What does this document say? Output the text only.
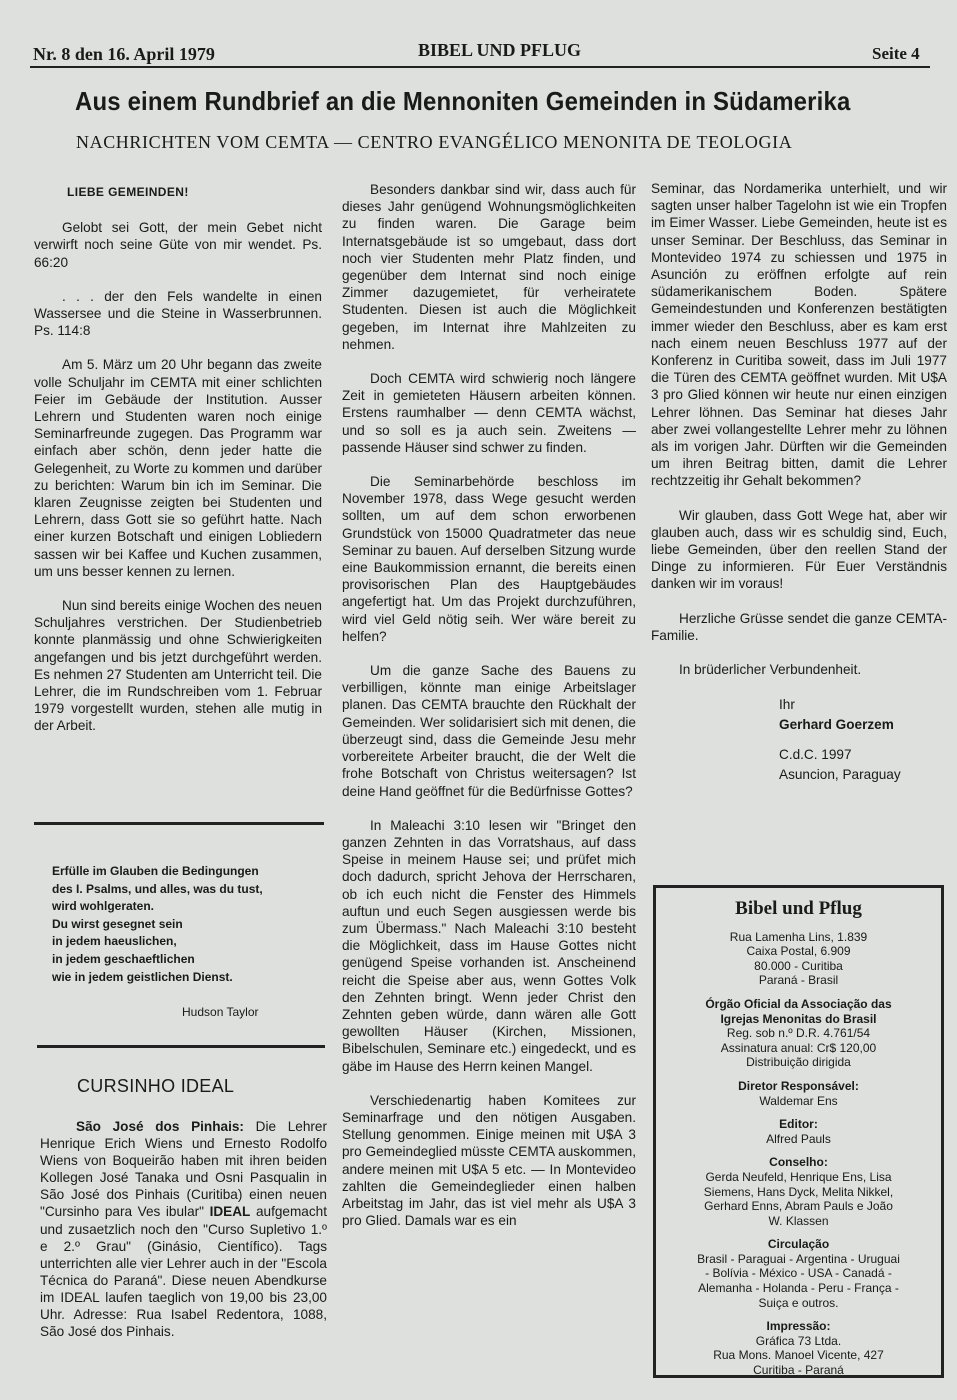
Nr. 8 den 16. April 1979	BIBEL UND PFLUG	Seite 4
Aus einem Rundbrief an die Mennoniten Gemeinden in Südamerika
NACHRICHTEN VOM CEMTA — CENTRO EVANGÉLICO MENONITA DE TEOLOGIA
LIEBE GEMEINDEN!

Gelobt sei Gott, der mein Gebet nicht verwirft noch seine Güte von mir wendet. Ps. 66:20

. . . der den Fels wandelte in einen Wassersee und die Steine in Wasserbrunnen. Ps. 114:8

Am 5. März um 20 Uhr begann das zweite volle Schuljahr im CEMTA mit einer schlichten Feier im Gebäude der Institution. Ausser Lehrern und Studenten waren noch einige Seminarfreunde zugegen. Das Programm war einfach aber schön, denn jeder hatte die Gelegenheit, zu Worte zu kommen und darüber zu berichten: Warum bin ich im Seminar. Die klaren Zeugnisse zeigten bei Studenten und Lehrern, dass Gott sie so geführt hatte. Nach einer kurzen Botschaft und einigen Lobliedern sassen wir bei Kaffee und Kuchen zusammen, um uns besser kennen zu lernen.

Nun sind bereits einige Wochen des neuen Schuljahres verstrichen. Der Studienbetrieb konnte planmässig und ohne Schwierigkeiten angefangen und bis jetzt durchgeführt werden. Es nehmen 27 Studenten am Unterricht teil. Die Lehrer, die im Rundschreiben vom 1. Februar 1979 vorgestellt wurden, stehen alle mutig in der Arbeit.

Erfülle im Glauben die Bedingungen
des I. Psalms, und alles, was du tust,
wird wohlgeraten.
Du wirst gesegnet sein
in jedem haeuslichen,
in jedem geschaeftlichen
wie in jedem geistlichen Dienst.
Hudson Taylor
CURSINHO IDEAL

São José dos Pinhais: Die Lehrer Henrique Erich Wiens und Ernesto Rodolfo Wiens von Boqueirão haben mit ihren beiden Kollegen José Tanaka und Osni Pasqualin in São José dos Pinhais (Curitiba) einen neuen "Cursinho para Ves ibular" IDEAL aufgemacht und zusaetzlich noch den "Curso Supletivo 1.º e 2.º Grau" (Ginásio, Científico). Tags unterrichten alle vier Lehrer auch in der "Escola Técnica do Paraná". Diese neuen Abendkurse im IDEAL laufen taeglich von 19,00 bis 23,00 Uhr. Adresse: Rua Isabel Redentora, 1088, São José dos Pinhais.

Besonders dankbar sind wir, dass auch für dieses Jahr genügend Wohnungsmöglichkeiten zu finden waren. Die Garage beim Internatsgebäude ist so umgebaut, dass dort noch vier Studenten mehr Platz finden, und gegenüber dem Internat sind noch einige Zimmer dazugemietet, für verheiratete Studenten. Diesen ist auch die Möglichkeit gegeben, im Internat ihre Mahlzeiten zu nehmen.

Doch CEMTA wird schwierig noch längere Zeit in gemieteten Häusern arbeiten können. Erstens raumhalber — denn CEMTA wächst, und so soll es ja auch sein. Zweitens — passende Häuser sind schwer zu finden.

Die Seminarbehörde beschloss im November 1978, dass Wege gesucht werden sollten, um auf dem schon erworbenen Grundstück von 15000 Quadratmeter das neue Seminar zu bauen. Auf derselben Sitzung wurde eine Baukommission ernannt, die bereits einen provisorischen Plan des Hauptgebäudes angefertigt hat. Um das Projekt durchzuführen, wird viel Geld nötig seih. Wer wäre bereit zu helfen?

Um die ganze Sache des Bauens zu verbilligen, könnte man einige Arbeitslager planen. Das CEMTA brauchte den Rückhalt der Gemeinden. Wer solidarisiert sich mit denen, die überzeugt sind, dass die Gemeinde Jesu mehr vorbereitete Arbeiter braucht, die der Welt die frohe Botschaft von Christus weitersagen? Ist deine Hand geöffnet für die Bedürfnisse Gottes?

In Maleachi 3:10 lesen wir "Bringet den ganzen Zehnten in das Vorratshaus, auf dass Speise in meinem Hause sei; und prüfet mich doch dadurch, spricht Jehova der Herrscharen, ob ich euch nicht die Fenster des Himmels auftun und euch Segen ausgiessen werde bis zum Übermass." Nach Maleachi 3:10 besteht die Möglichkeit, dass im Hause Gottes nicht genügend Speise vorhanden ist. Anscheinend reicht die Speise aber aus, wenn Gottes Volk den Zehnten bringt. Wenn jeder Christ den Zehnten geben würde, dann wären alle Gott gewollten Häuser (Kirchen, Missionen, Bibelschulen, Seminare etc.) eingedeckt, und es gäbe im Hause des Herrn keinen Mangel.

Verschiedenartig haben Komitees zur Seminarfrage und den nötigen Ausgaben. Stellung genommen. Einige meinen mit U$A 3 pro Gemeindeglied müsste CEMTA auskommen, andere meinen mit U$A 5 etc. — In Montevideo zahlten die Gemeindeglieder einen halben Arbeitstag im Jahr, das ist viel mehr als U$A 3 pro Glied. Damals war es ein

Seminar, das Nordamerika unterhielt, und wir sagten unser halber Tagelohn ist wie ein Tropfen im Eimer Wasser. Liebe Gemeinden, heute ist es unser Seminar. Der Beschluss, das Seminar in Montevideo 1974 zu schiessen und 1975 in Asunción zu eröffnen erfolgte auf rein südamerikanischem Boden. Spätere Gemeindestunden und Konferenzen bestätigten immer wieder den Beschluss, aber es kam erst nach einem neuen Beschluss 1977 auf der Konferenz in Curitiba soweit, dass im Juli 1977 die Türen des CEMTA geöffnet wurden. Mit U$A 3 pro Glied können wir heute nur einen einzigen Lehrer löhnen. Das Seminar hat dieses Jahr aber zwei vollangestellte Lehrer mehr zu löhnen als im vorigen Jahr. Dürften wir die Gemeinden um ihren Beitrag bitten, damit die Lehrer rechtzzeitig ihr Gehalt bekommen?

Wir glauben, dass Gott Wege hat, aber wir glauben auch, dass wir es schuldig sind, Euch, liebe Gemeinden, über den reellen Stand der Dinge zu informieren. Für Euer Verständnis danken wir im voraus!

Herzliche Grüsse sendet die ganze CEMTA-Familie.

In brüderlicher Verbundenheit.

Ihr
Gerhard Goerzem
C.d.C. 1997
Asuncion, Paraguay
Bibel und Pflug
Rua Lamenha Lins, 1.839
Caixa Postal, 6.909
80.000 - Curitiba
Paraná - Brasil
Órgão Oficial da Associação das
Igrejas Menonitas do Brasil
Reg. sob n.º D.R. 4.761/54
Assinatura anual: Cr$ 120,00
Distribuição dirigida
Diretor Responsável:
Waldemar Ens
Editor:
Alfred Pauls
Conselho:
Gerda Neufeld, Henrique Ens, Lisa
Siemens, Hans Dyck, Melita Nikkel,
Gerhard Enns, Abram Pauls e João
W. Klassen
Circulação
Brasil - Paraguai - Argentina - Uruguai
- Bolívia - México - USA - Canadá -
Alemanha - Holanda - Peru - França -
Suiça e outros.
Impressão:
Gráfica 73 Ltda.
Rua Mons. Manoel Vicente, 427
Curitiba - Paraná
